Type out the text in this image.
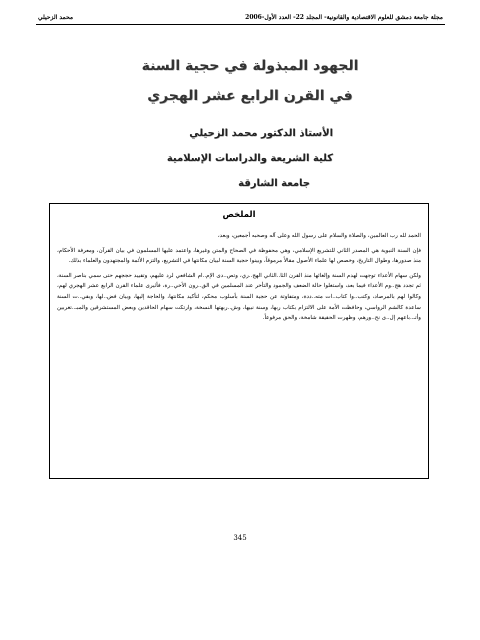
مجلة جامعة دمشق للعلوم الاقتصادية والقانونية- المجلد 22- العدد الأول-2006
محمد الزحيلي
الجهود المبذولة في حجية السنة
في القرن الرابع عشر الهجري
الأستاذ الدكتور محمد الزحيلي
كلية الشريعة والدراسات الإسلامية
جامعة الشارقة
الملخص

الحمد لله رب العالمين، والصلاة والسلام على رسول الله وعلى آله وصحبه أجمعين، وبعد،

فإن السنة النبوية هي المصدر الثاني للتشريع الإسلامي، وهي محفوظة في الصحاح والمتن وغيرها، واعتمد عليها المسلمون في بيان القرآن، ومعرفة الأحكام، منذ صدورها، وطوال التاريخ، وخصص لها علماء الأصول مقالاً مرموقاً، وبينوا حجية السنة لبيان مكانتها في التشريع، والتزم الأئمة والمجتهدون والعلماء بذلك.

ولكن سهام الأعداء توجهت لهدم السنة وإلغائها منذ القرن الثا..الثاني الهج..ري، وتص..دى الإم..ام الشافعي لرد عليهم، وتقييد حججهم حتى سمي بناصر السنة، ثم تجدد هج..وم الأعداء فيما بعد، واستغلوا حالة الضعف والجمود والتأخر عند المسلمين في الق..رون الأخي..رة، فأثيرى علماء القرن الرابع عشر الهجري لهم، وكالوا لهم بالمرصاد، وكتب..وا كتاب..ات مته..ددة، ومتفاوتة عن حجية السنة بأسلوب محكم، لتأكيد مكانتها، والحاجة إليها، وبيان فض..لها، وبقي..ت السنة ساعدة كالشم الرواسي، وحافظت الأمة على الالتزام بكتاب ربها، وسنة نبيها، وش..ربهتها النسخة، وارتكت سهام الحاقدين وبعض المستشرقين والمبـ..تغربين وأتـ..باعهم إل..ى نح..ورهم، وظهرت الحقيقة شامخة، والحق مرفوعاً.

345
